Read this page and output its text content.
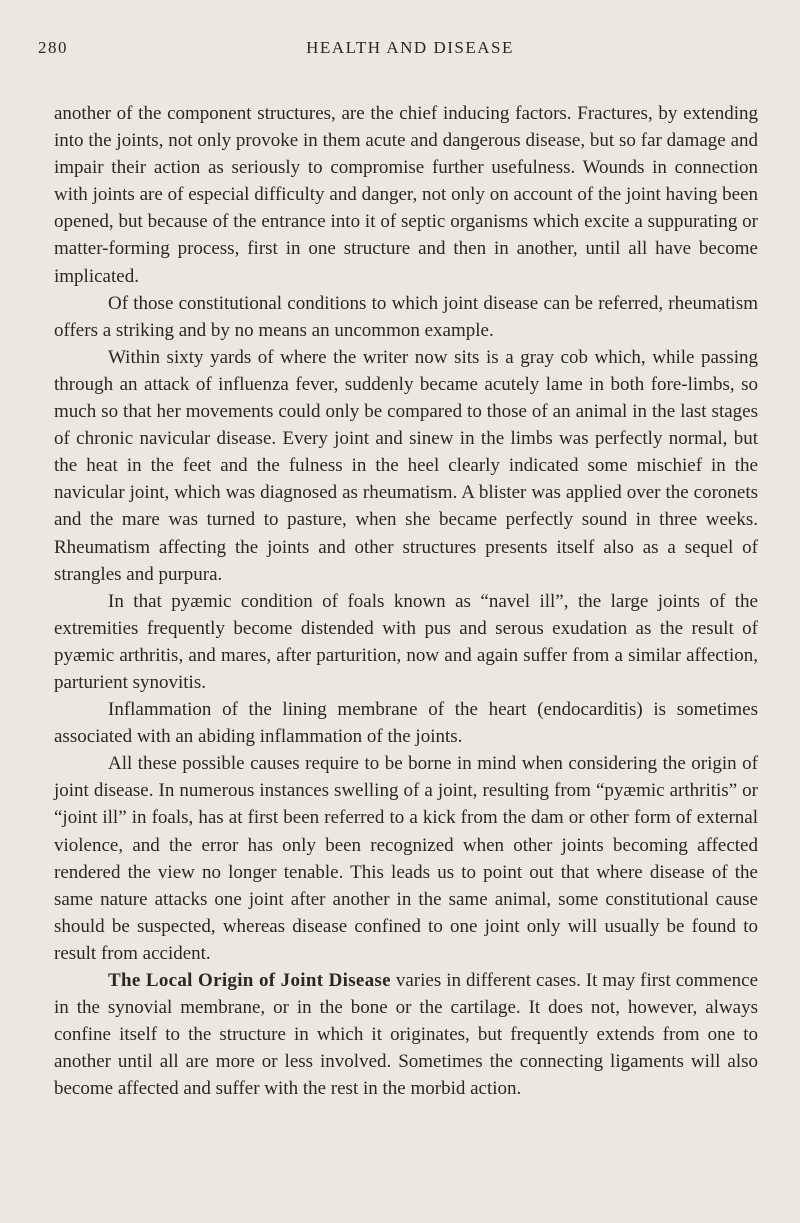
280	HEALTH AND DISEASE

another of the component structures, are the chief inducing factors. Fractures, by extending into the joints, not only provoke in them acute and dangerous disease, but so far damage and impair their action as seriously to compromise further usefulness. Wounds in connection with joints are of especial difficulty and danger, not only on account of the joint having been opened, but because of the entrance into it of septic organisms which excite a suppurating or matter-forming process, first in one structure and then in another, until all have become implicated.

Of those constitutional conditions to which joint disease can be referred, rheumatism offers a striking and by no means an uncommon example.

Within sixty yards of where the writer now sits is a gray cob which, while passing through an attack of influenza fever, suddenly became acutely lame in both fore-limbs, so much so that her movements could only be compared to those of an animal in the last stages of chronic navicular disease. Every joint and sinew in the limbs was perfectly normal, but the heat in the feet and the fulness in the heel clearly indicated some mischief in the navicular joint, which was diagnosed as rheumatism. A blister was applied over the coronets and the mare was turned to pasture, when she became perfectly sound in three weeks. Rheumatism affecting the joints and other structures presents itself also as a sequel of strangles and purpura.

In that pyæmic condition of foals known as “navel ill”, the large joints of the extremities frequently become distended with pus and serous exudation as the result of pyæmic arthritis, and mares, after parturition, now and again suffer from a similar affection, parturient synovitis.

Inflammation of the lining membrane of the heart (endocarditis) is sometimes associated with an abiding inflammation of the joints.

All these possible causes require to be borne in mind when considering the origin of joint disease. In numerous instances swelling of a joint, resulting from “pyæmic arthritis” or “joint ill” in foals, has at first been referred to a kick from the dam or other form of external violence, and the error has only been recognized when other joints becoming affected rendered the view no longer tenable. This leads us to point out that where disease of the same nature attacks one joint after another in the same animal, some constitutional cause should be suspected, whereas disease confined to one joint only will usually be found to result from accident.

The Local Origin of Joint Disease varies in different cases. It may first commence in the synovial membrane, or in the bone or the cartilage. It does not, however, always confine itself to the structure in which it originates, but frequently extends from one to another until all are more or less involved. Sometimes the connecting ligaments will also become affected and suffer with the rest in the morbid action.
